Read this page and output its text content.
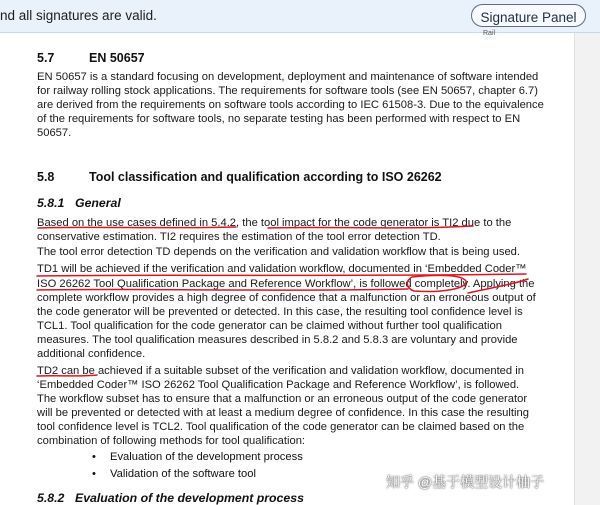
nd all signatures are valid.	Signature Panel
Rail
5.7	EN 50657
EN 50657 is a standard focusing on development, deployment and maintenance of software intended
for railway rolling stock applications. The requirements for software tools (see EN 50657, chapter 6.7)
are derived from the requirements on software tools according to IEC 61508-3. Due to the equivalence
of the requirements for software tools, no separate testing has been performed with respect to EN
50657.
5.8	Tool classification and qualification according to ISO 26262
5.8.1 General
Based on the use cases defined in 5.4.2, the tool impact for the code generator is TI2 due to the
conservative estimation. TI2 requires the estimation of the tool error detection TD.
The tool error detection TD depends on the verification and validation workflow that is being used.
TD1 will be achieved if the verification and validation workflow, documented in ‘Embedded Coder™
ISO 26262 Tool Qualification Package and Reference Workflow’, is followed completely. Applying the
complete workflow provides a high degree of confidence that a malfunction or an erroneous output of
the code generator will be prevented or detected. In this case, the resulting tool confidence level is
TCL1. Tool qualification for the code generator can be claimed without further tool qualification
measures. The tool qualification measures described in 5.8.2 and 5.8.3 are voluntary and provide
additional confidence.
TD2 can be achieved if a suitable subset of the verification and validation workflow, documented in
‘Embedded Coder™ ISO 26262 Tool Qualification Package and Reference Workflow’, is followed.
The workflow subset has to ensure that a malfunction or an erroneous output of the code generator
will be prevented or detected with at least a medium degree of confidence. In this case the resulting
tool confidence level is TCL2. Tool qualification of the code generator can be claimed based on the
combination of following methods for tool qualification:
• Evaluation of the development process
• Validation of the software tool
5.8.2 Evaluation of the development process
知乎 @基于模型设计柚子
